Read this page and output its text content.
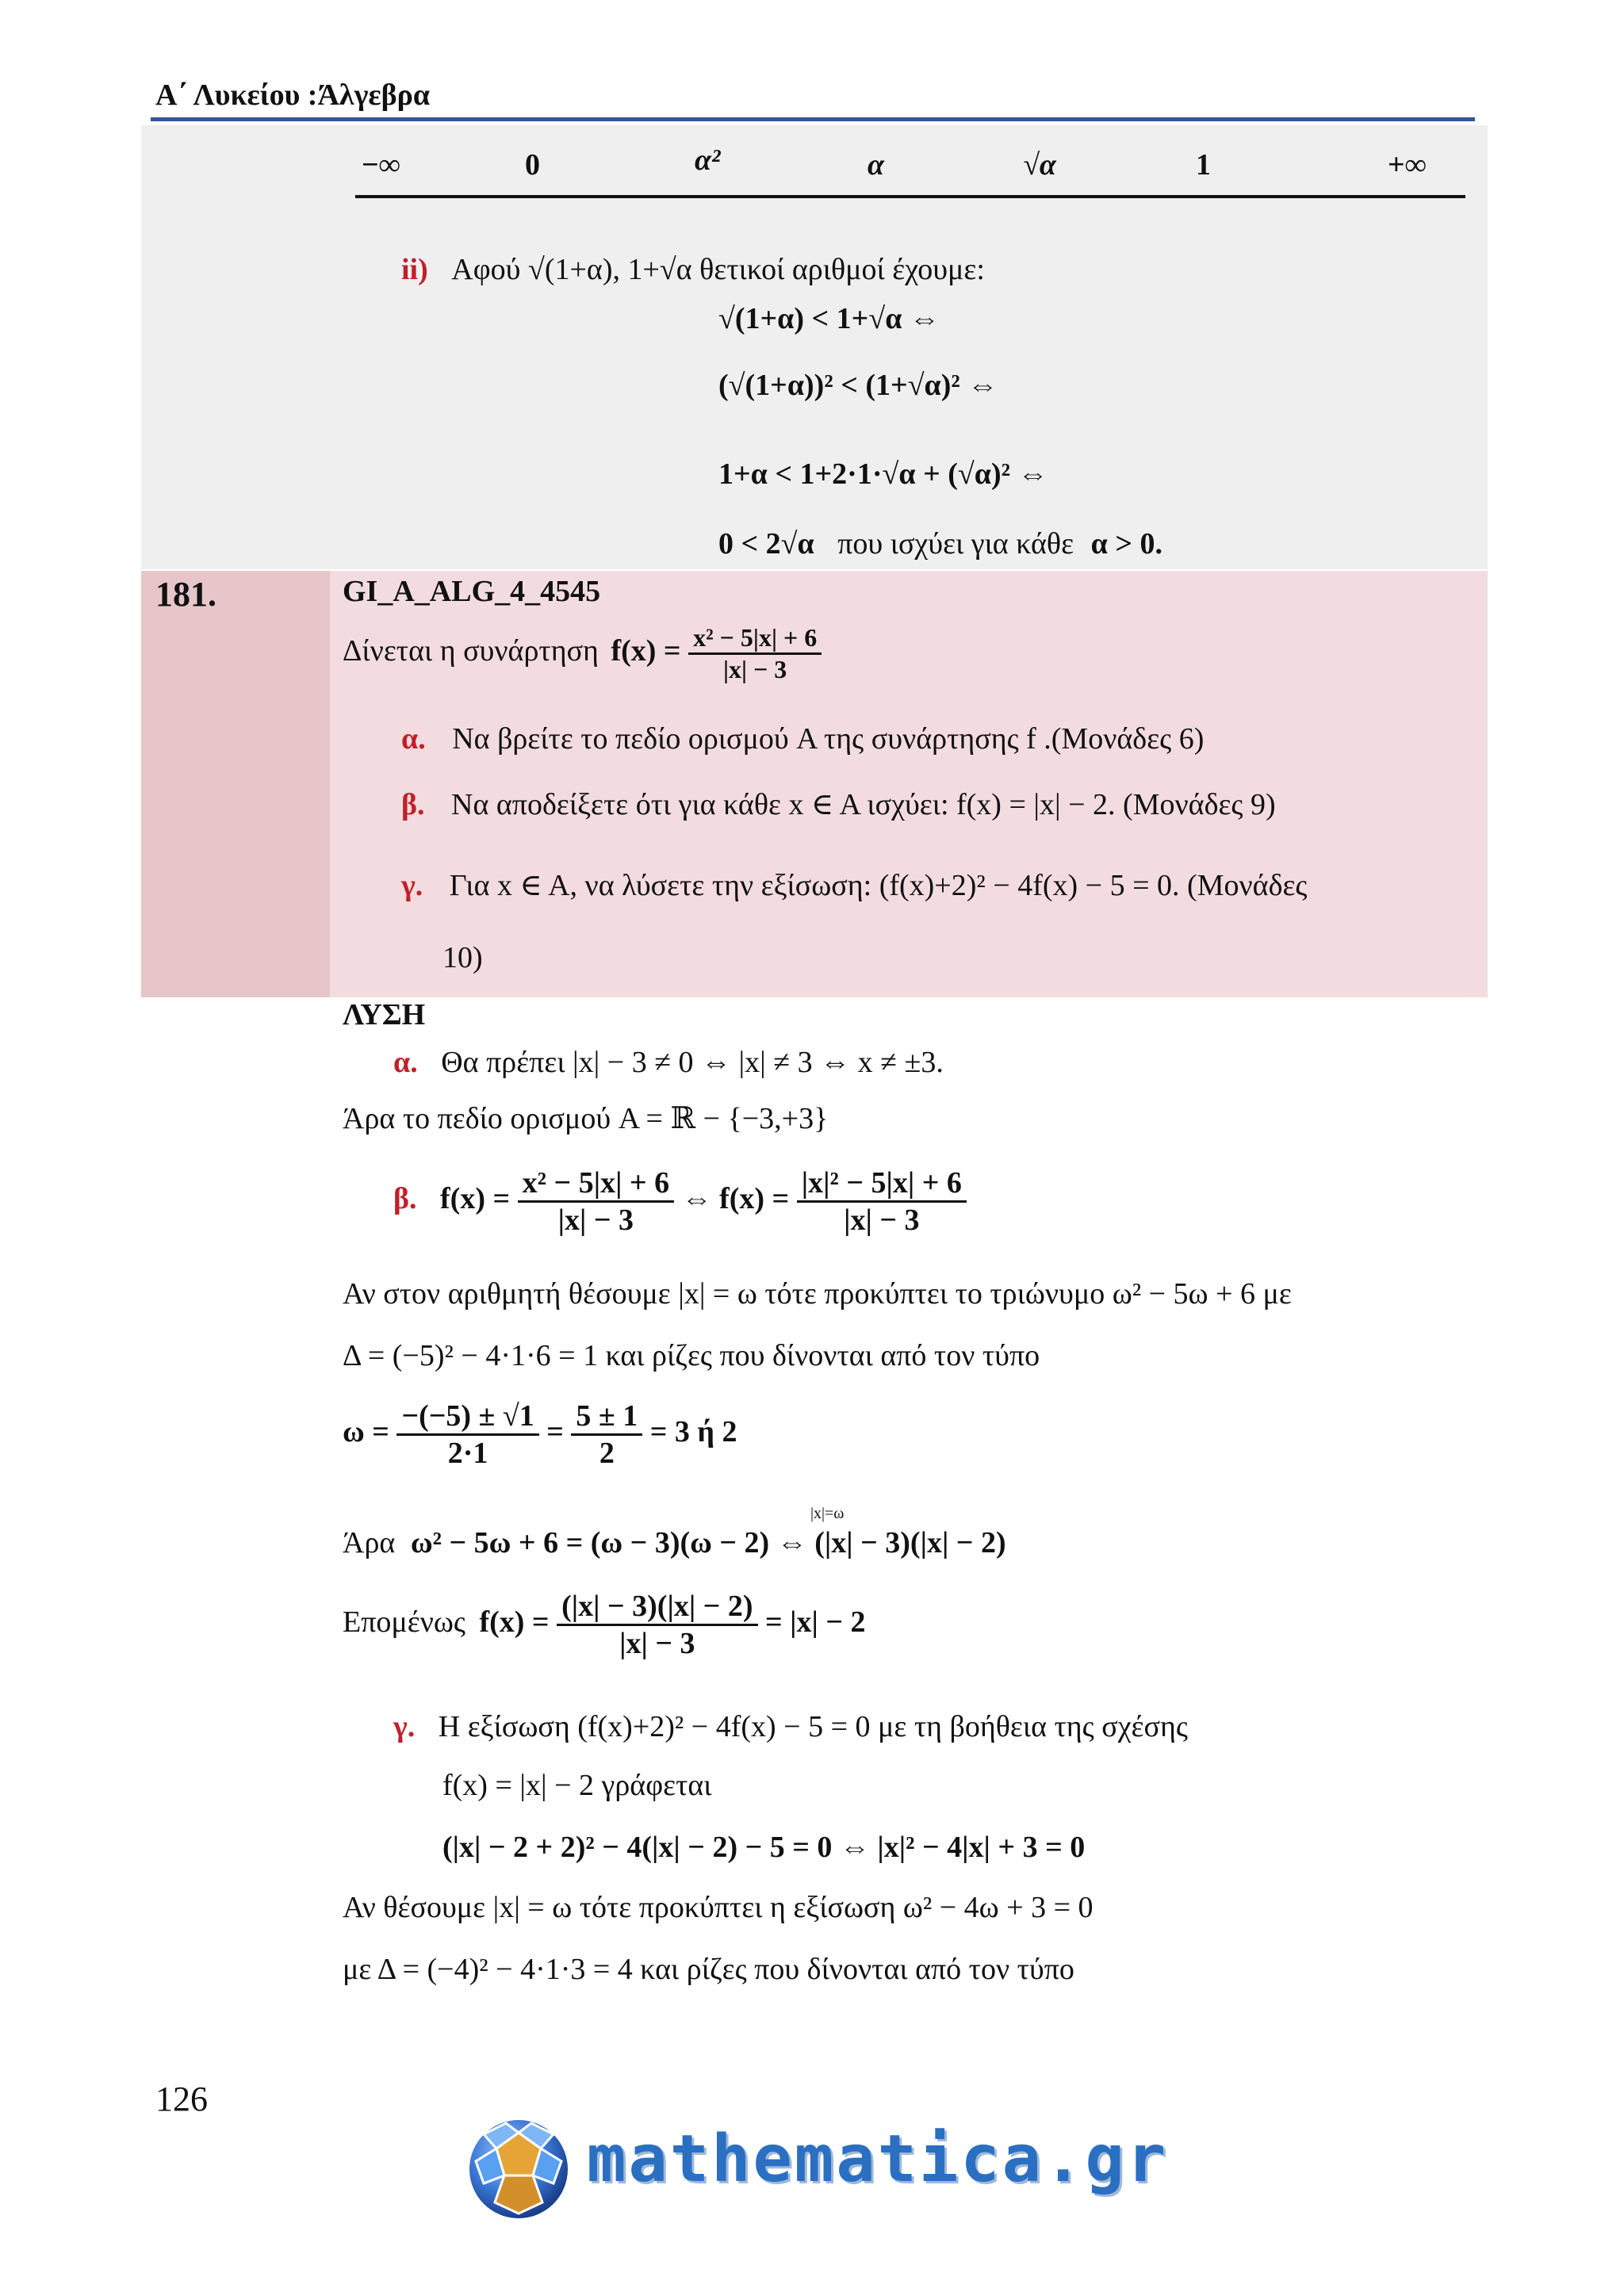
Α΄ Λυκείου :Άλγεβρα
−∞	0	α²	α	√α	1	+∞
ii) Αφού √(1+α), 1+√α θετικοί αριθμοί έχουμε:
√(1+α) < 1+√α ⇔
(√(1+α))² < (1+√α)² ⇔
1+α < 1+2·1·√α + (√α)² ⇔
0 < 2√α που ισχύει για κάθε α > 0.
181.	GI_A_ALG_4_4545
Δίνεται η συνάρτηση $f(x) = \frac{\text{x² − 5|x| + 6}}{|x| - 3}$
α. Να βρείτε το πεδίο ορισμού A της συνάρτησης f .(Μονάδες 6)
β. Να αποδείξετε ότι για κάθε x ∈ A ισχύει: f(x) = |x| − 2. (Μονάδες 9)
γ. Για x ∈ A, να λύσετε την εξίσωση: (f(x)+2)² − 4f(x) − 5 = 0. (Μονάδες
10)
ΛΥΣΗ
α. Θα πρέπει |x| − 3 ≠ 0 ⇔ |x| ≠ 3 ⇔ x ≠ ±3.
Άρα το πεδίο ορισμού A = ℝ − {−3,+3}
β. $f(x) = \frac{\text{x² − 5|x| + 6}}{|x| - 3}$ ⇔ $f(x) = \frac{\text{|x|² − 5|x| + 6}}{|x| - 3}$
Αν στον αριθμητή θέσουμε |x| = ω τότε προκύπτει το τριώνυμο ω² − 5ω + 6 με
Δ = (−5)² − 4·1·6 = 1 και ρίζες που δίνονται από τον τύπο
$\omega = \frac{-(-5) \pm √1}{2\cdot 1} = \frac{5 \pm 1}{2} = 3$ ή 2
|x|=ω
Άρα ω² − 5ω + 6 = (ω − 3)(ω − 2) ⇔ (|x| − 3)(|x| − 2)
Επομένως $f(x) = \frac{(|x| - 3)(|x| - 2)}{|x| - 3} = |x| - 2$
γ. Η εξίσωση (f(x)+2)² − 4f(x) − 5 = 0 με τη βοήθεια της σχέσης
f(x) = |x| − 2 γράφεται
(|x| − 2 + 2)² − 4(|x| − 2) − 5 = 0 ⇔ |x|² − 4|x| + 3 = 0
Αν θέσουμε |x| = ω τότε προκύπτει η εξίσωση ω² − 4ω + 3 = 0
με Δ = (−4)² − 4·1·3 = 4 και ρίζες που δίνονται από τον τύπο
126
mathematica.gr
